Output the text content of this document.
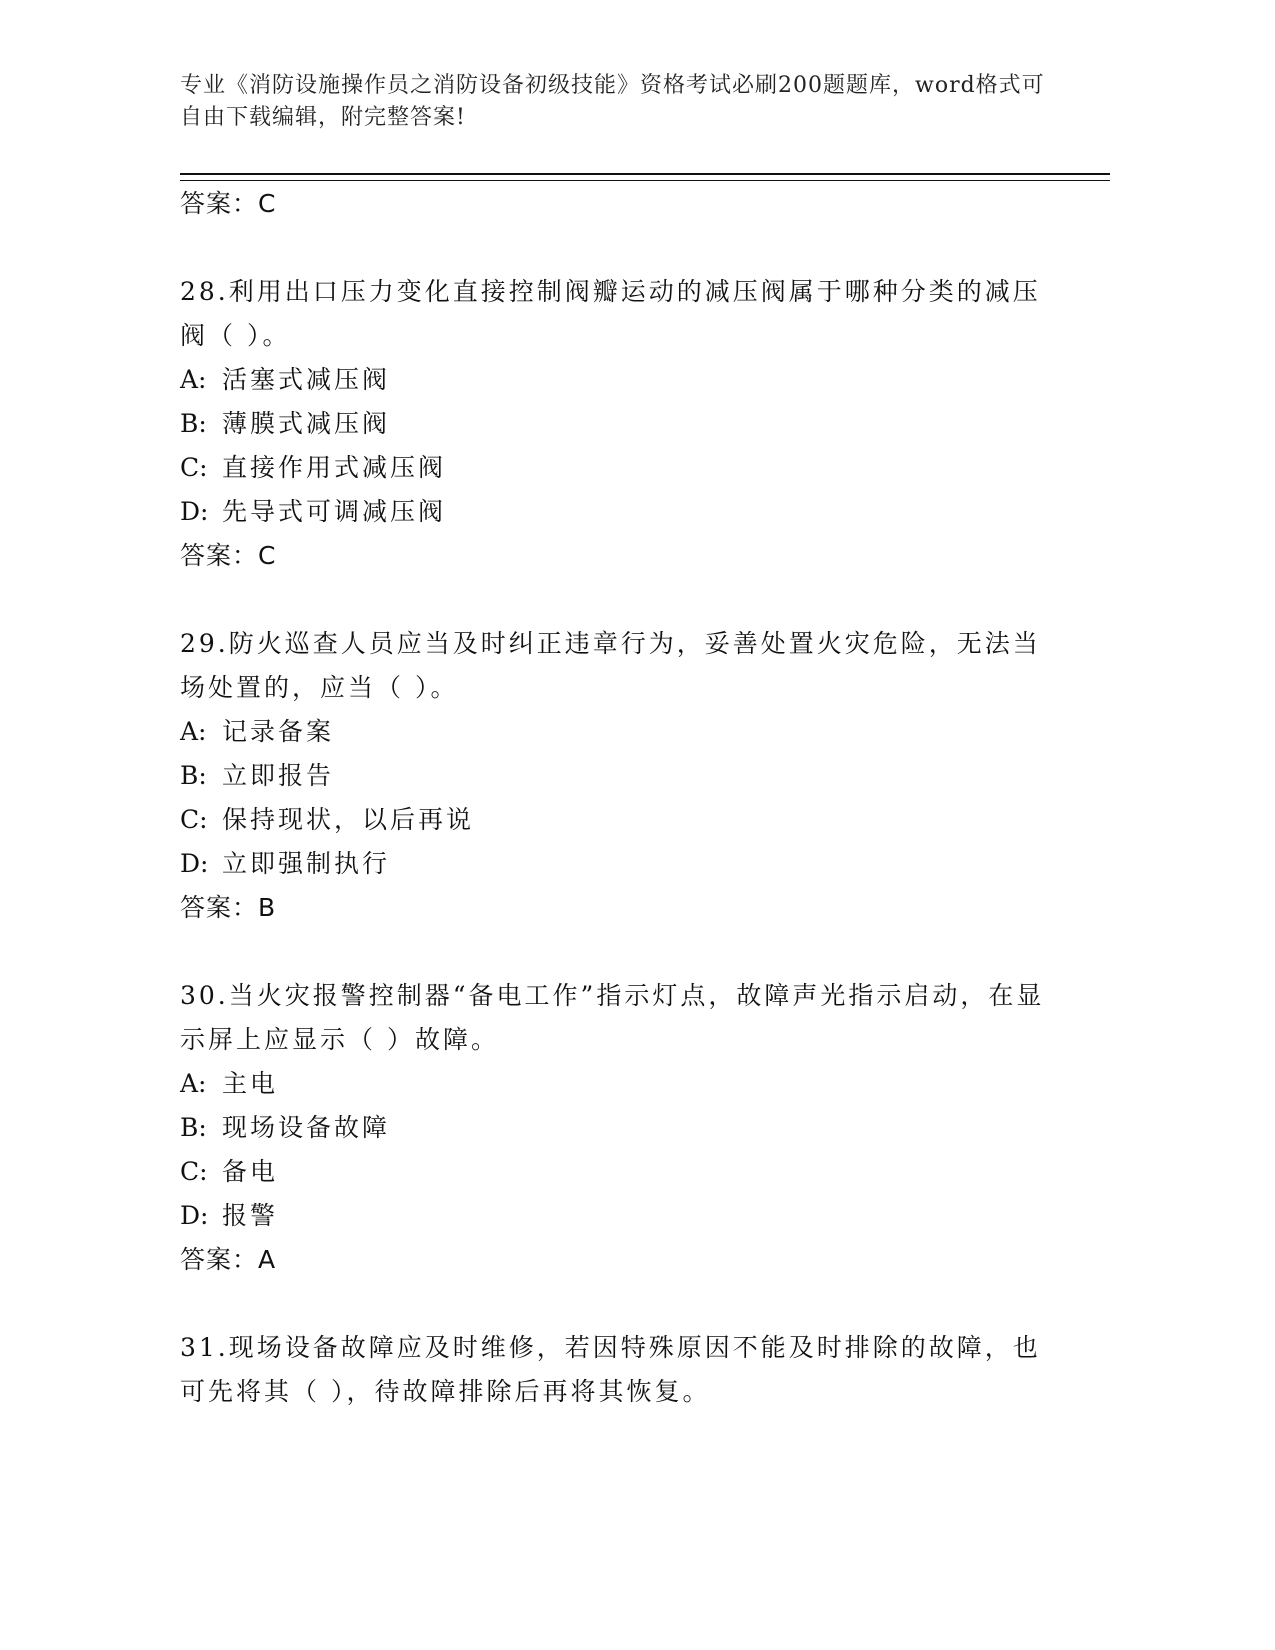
专业《消防设施操作员之消防设备初级技能》资格考试必刷200题题库，word格式可自由下载编辑，附完整答案!
答案：C
28.利用出口压力变化直接控制阀瓣运动的减压阀属于哪种分类的减压阀（ ）。
A: 活塞式减压阀
B: 薄膜式减压阀
C: 直接作用式减压阀
D: 先导式可调减压阀
答案：C
29.防火巡查人员应当及时纠正违章行为，妥善处置火灾危险，无法当场处置的，应当（ ）。
A: 记录备案
B: 立即报告
C: 保持现状，以后再说
D: 立即强制执行
答案：B
30.当火灾报警控制器“备电工作”指示灯点，故障声光指示启动，在显示屏上应显示（ ）故障。
A: 主电
B: 现场设备故障
C: 备电
D: 报警
答案：A
31.现场设备故障应及时维修，若因特殊原因不能及时排除的故障，也可先将其（ ），待故障排除后再将其恢复。
